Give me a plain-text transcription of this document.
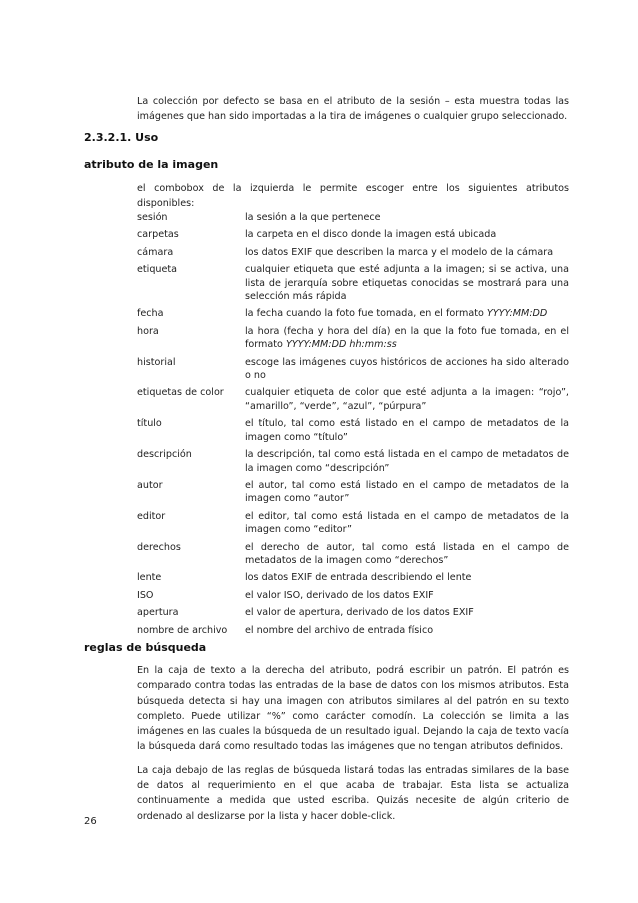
La colección por defecto se basa en el atributo de la sesión – esta muestra todas las imágenes que han sido importadas a la tira de imágenes o cualquier grupo seleccionado.

2.3.2.1. Uso
atributo de la imagen

el combobox de la izquierda le permite escoger entre los siguientes atributos disponibles:

sesión	la sesión a la que pertenece
carpetas	la carpeta en el disco donde la imagen está ubicada
cámara	los datos EXIF que describen la marca y el modelo de la cámara
etiqueta	cualquier etiqueta que esté adjunta a la imagen; si se activa, una lista de jerarquía sobre etiquetas conocidas se mostrará para una selección más rápida
fecha	la fecha cuando la foto fue tomada, en el formato YYYY:MM:DD
hora	la hora (fecha y hora del día) en la que la foto fue tomada, en el formato YYYY:MM:DD hh:mm:ss
historial	escoge las imágenes cuyos históricos de acciones ha sido alterado o no
etiquetas de color	cualquier etiqueta de color que esté adjunta a la imagen: “rojo”, “amarillo”, “verde”, “azul”, “púrpura”
título	el título, tal como está listado en el campo de metadatos de la imagen como “título”
descripción	la descripción, tal como está listada en el campo de metadatos de la imagen como “descripción”
autor	el autor, tal como está listado en el campo de metadatos de la imagen como “autor”
editor	el editor, tal como está listada en el campo de metadatos de la imagen como “editor”
derechos	el derecho de autor, tal como está listada en el campo de metadatos de la imagen como “derechos”
lente	los datos EXIF de entrada describiendo el lente
ISO	el valor ISO, derivado de los datos EXIF
apertura	el valor de apertura, derivado de los datos EXIF
nombre de archivo	el nombre del archivo de entrada físico
reglas de búsqueda

En la caja de texto a la derecha del atributo, podrá escribir un patrón. El patrón es comparado contra todas las entradas de la base de datos con los mismos atributos. Esta búsqueda detecta si hay una imagen con atributos similares al del patrón en su texto completo. Puede utilizar “%” como carácter comodín. La colección se limita a las imágenes en las cuales la búsqueda de un resultado igual. Dejando la caja de texto vacía la búsqueda dará como resultado todas las imágenes que no tengan atributos definidos.

La caja debajo de las reglas de búsqueda listará todas las entradas similares de la base de datos al requerimiento en el que acaba de trabajar. Esta lista se actualiza continuamente a medida que usted escriba. Quizás necesite de algún criterio de ordenado al deslizarse por la lista y hacer doble-click.

26
